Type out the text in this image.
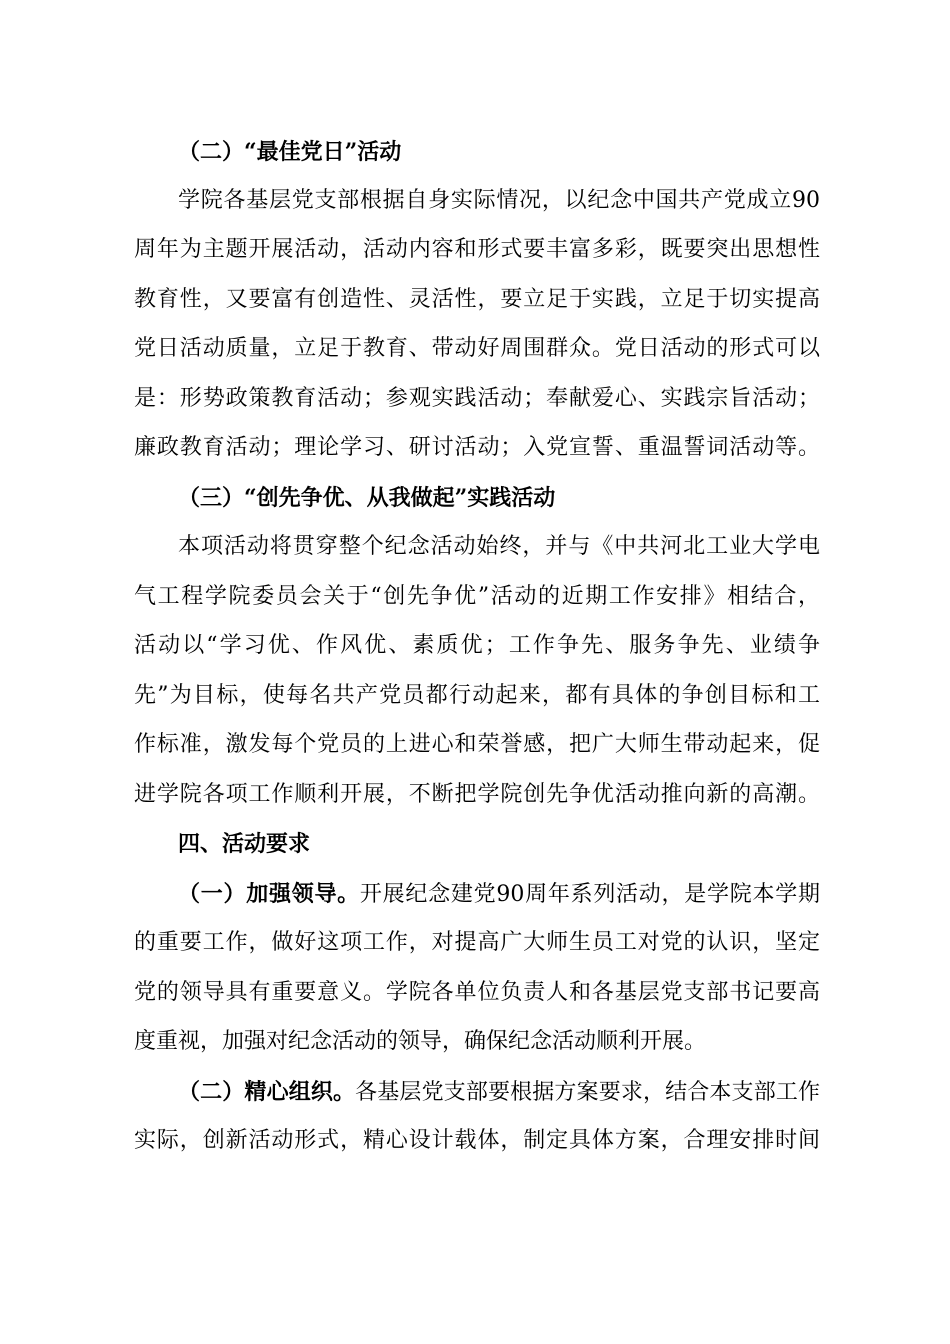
（二）“最佳党日”活动
学院各基层党支部根据自身实际情况，以纪念中国共产党成立90
周年为主题开展活动，活动内容和形式要丰富多彩，既要突出思想性
教育性，又要富有创造性、灵活性，要立足于实践，立足于切实提高
党日活动质量，立足于教育、带动好周围群众。党日活动的形式可以
是：形势政策教育活动；参观实践活动；奉献爱心、实践宗旨活动；
廉政教育活动；理论学习、研讨活动；入党宣誓、重温誓词活动等。
（三）“创先争优、从我做起”实践活动
本项活动将贯穿整个纪念活动始终，并与《中共河北工业大学电
气工程学院委员会关于“创先争优”活动的近期工作安排》相结合，
活动以“学习优、作风优、素质优；工作争先、服务争先、业绩争
先”为目标，使每名共产党员都行动起来，都有具体的争创目标和工
作标准，激发每个党员的上进心和荣誉感，把广大师生带动起来，促
进学院各项工作顺利开展，不断把学院创先争优活动推向新的高潮。
四、活动要求
（一）加强领导。开展纪念建党90周年系列活动，是学院本学期
的重要工作，做好这项工作，对提高广大师生员工对党的认识，坚定
党的领导具有重要意义。学院各单位负责人和各基层党支部书记要高
度重视，加强对纪念活动的领导，确保纪念活动顺利开展。
（二）精心组织。各基层党支部要根据方案要求，结合本支部工作
实际，创新活动形式，精心设计载体，制定具体方案，合理安排时间
